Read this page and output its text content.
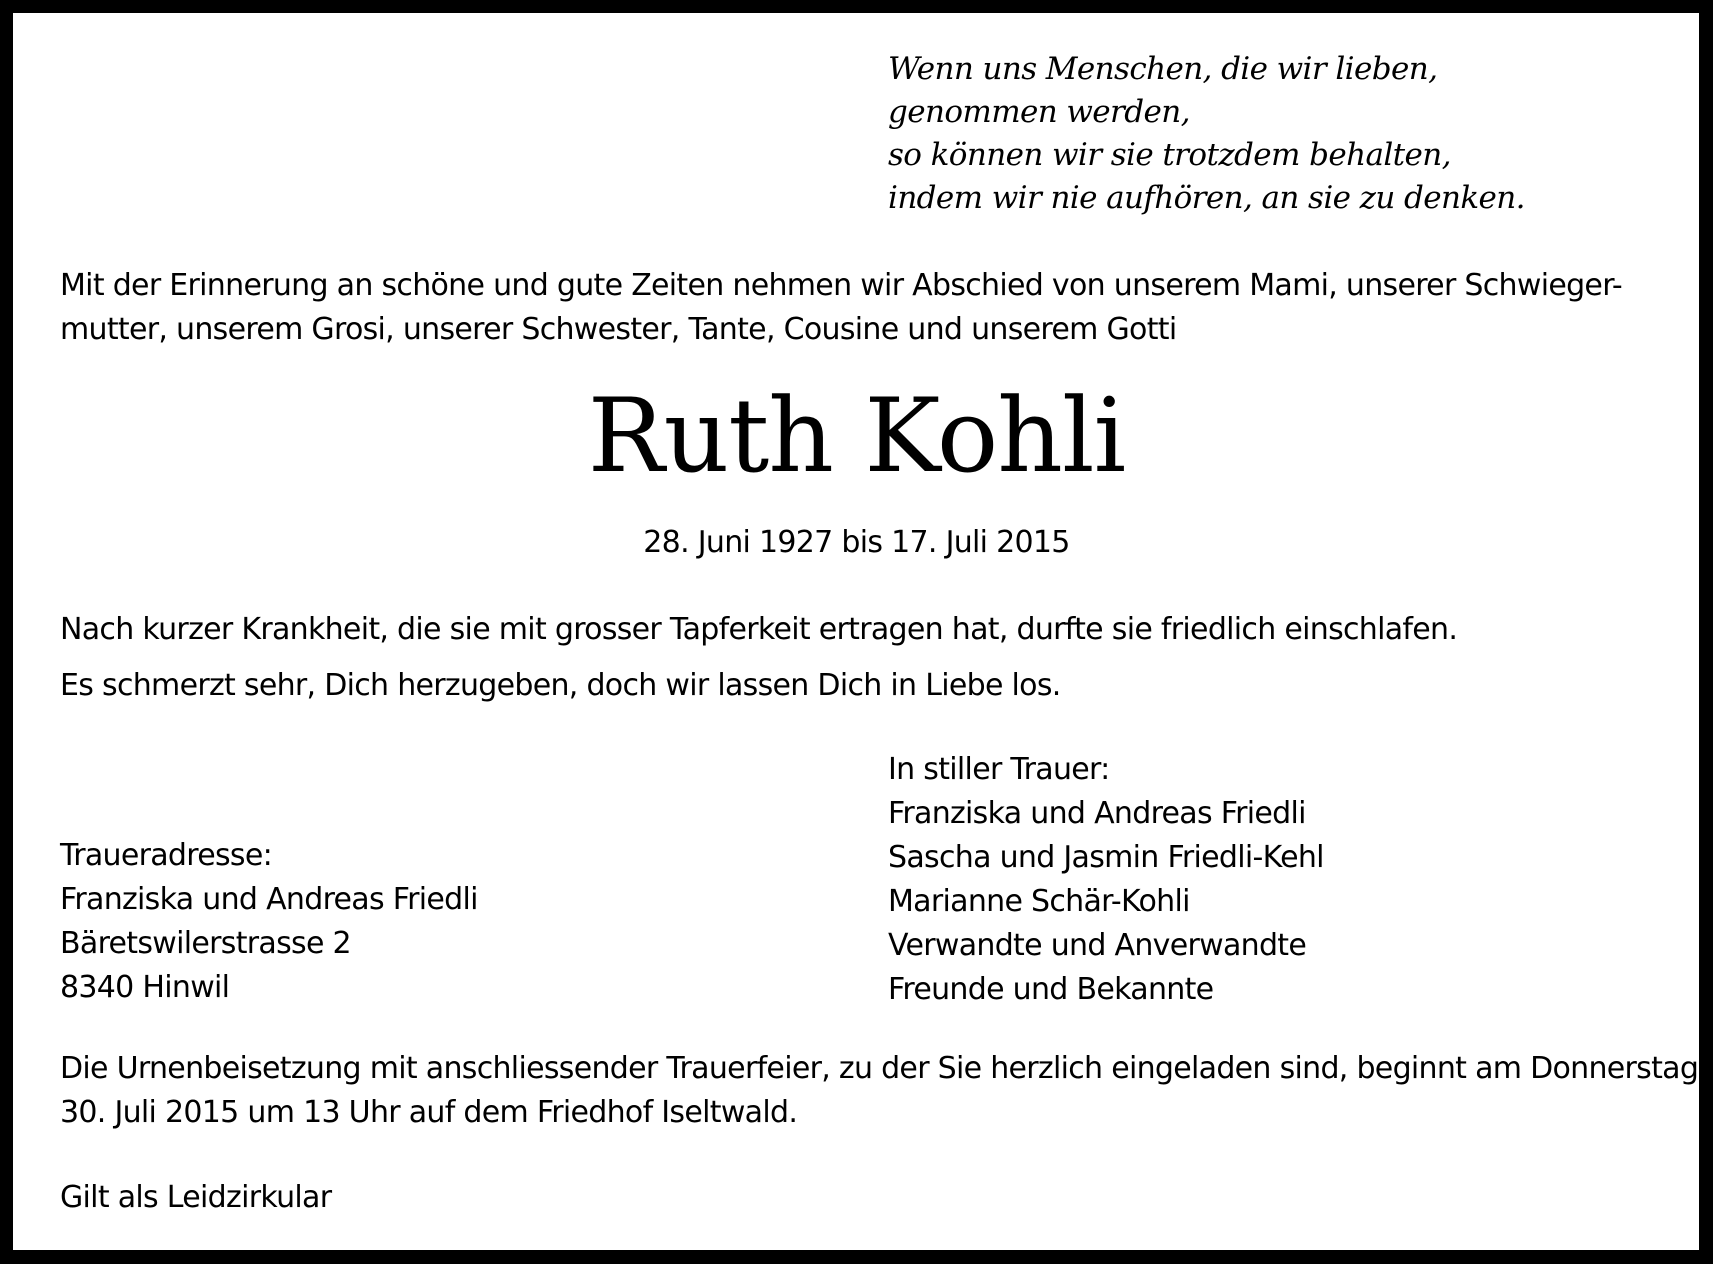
Wenn uns Menschen, die wir lieben,
genommen werden,
so können wir sie trotzdem behalten,
indem wir nie aufhören, an sie zu denken.
Mit der Erinnerung an schöne und gute Zeiten nehmen wir Abschied von unserem Mami, unserer Schwieger-
mutter, unserem Grosi, unserer Schwester, Tante, Cousine und unserem Gotti
Ruth Kohli
28. Juni 1927 bis 17. Juli 2015
Nach kurzer Krankheit, die sie mit grosser Tapferkeit ertragen hat, durfte sie friedlich einschlafen.
Es schmerzt sehr, Dich herzugeben, doch wir lassen Dich in Liebe los.
In stiller Trauer:
Franziska und Andreas Friedli
Sascha und Jasmin Friedli-Kehl
Marianne Schär-Kohli
Verwandte und Anverwandte
Freunde und Bekannte
Traueradresse:
Franziska und Andreas Friedli
Bäretswilerstrasse 2
8340 Hinwil
Die Urnenbeisetzung mit anschliessender Trauerfeier, zu der Sie herzlich eingeladen sind, beginnt am Donnerstag,
30. Juli 2015 um 13 Uhr auf dem Friedhof Iseltwald.
Gilt als Leidzirkular
